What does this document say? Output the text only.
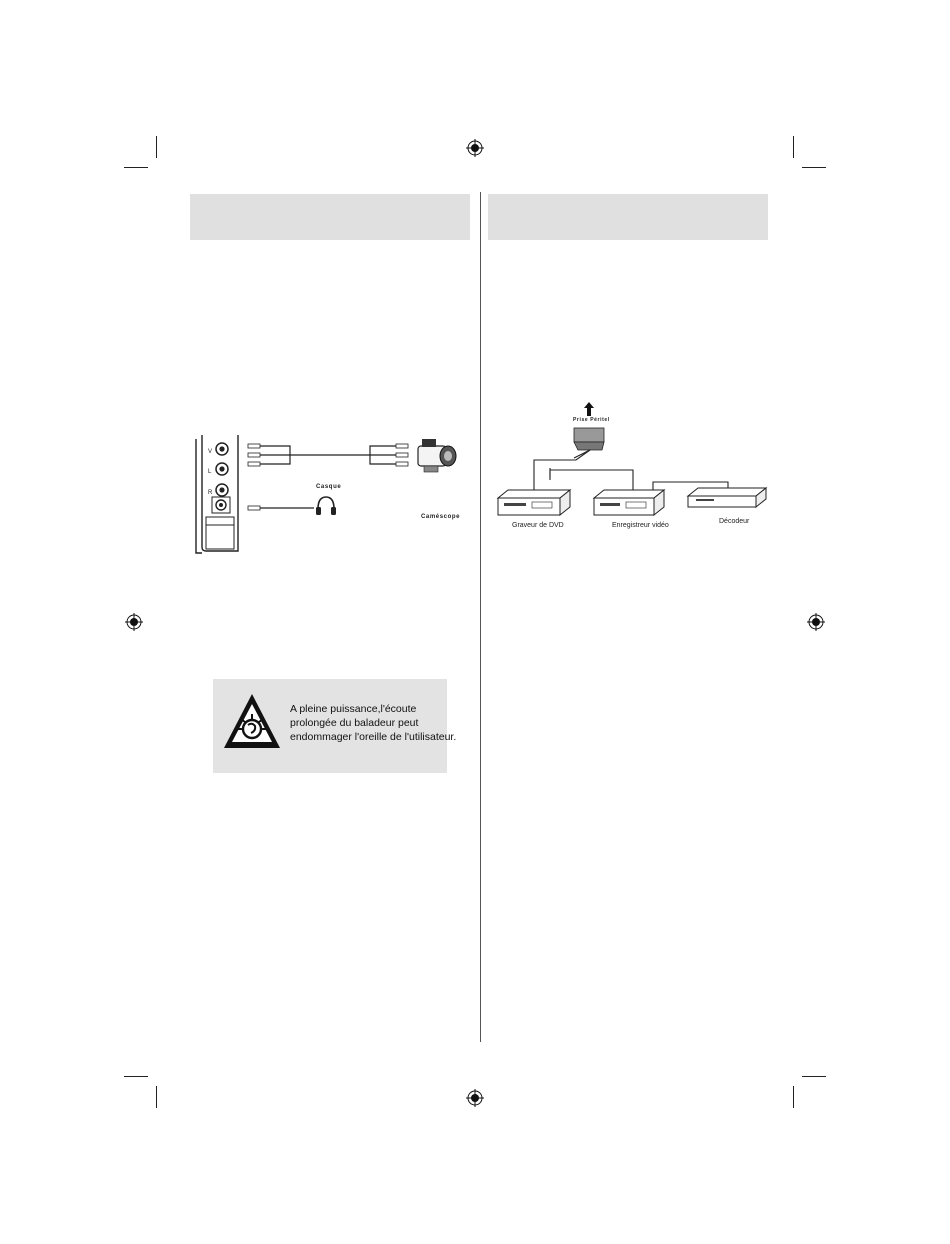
V
L
R
Casque
Caméscope
A pleine puissance,l'écoute
prolongée du baladeur peut
endommager l'oreille de l'utilisateur.
Prise Péritel
Graveur de DVD	Enregistreur vidéo
Décodeur
